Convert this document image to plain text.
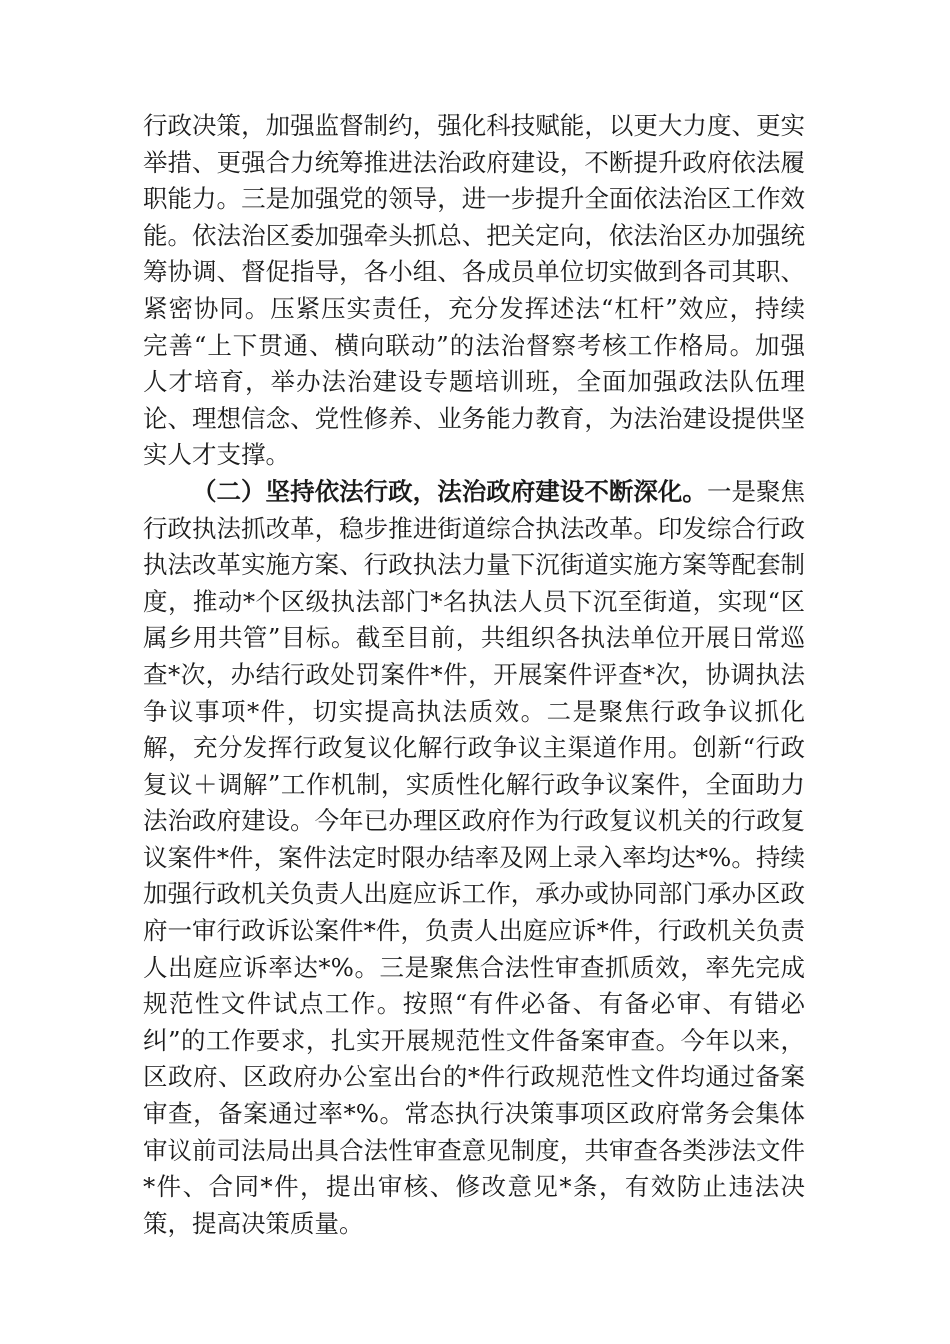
行政决策，加强监督制约，强化科技赋能，以更大力度、更实举措、更强合力统筹推进法治政府建设，不断提升政府依法履职能力。三是加强党的领导，进一步提升全面依法治区工作效能。依法治区委加强牵头抓总、把关定向，依法治区办加强统筹协调、督促指导，各小组、各成员单位切实做到各司其职、紧密协同。压紧压实责任，充分发挥述法“杠杆”效应，持续完善“上下贯通、横向联动”的法治督察考核工作格局。加强人才培育，举办法治建设专题培训班，全面加强政法队伍理论、理想信念、党性修养、业务能力教育，为法治建设提供坚实人才支撑。

（二）坚持依法行政，法治政府建设不断深化。一是聚焦行政执法抓改革，稳步推进街道综合执法改革。印发综合行政执法改革实施方案、行政执法力量下沉街道实施方案等配套制度，推动*个区级执法部门*名执法人员下沉至街道，实现“区属乡用共管”目标。截至目前，共组织各执法单位开展日常巡查*次，办结行政处罚案件*件，开展案件评查*次，协调执法争议事项*件，切实提高执法质效。二是聚焦行政争议抓化解，充分发挥行政复议化解行政争议主渠道作用。创新“行政复议＋调解”工作机制，实质性化解行政争议案件，全面助力法治政府建设。今年已办理区政府作为行政复议机关的行政复议案件*件，案件法定时限办结率及网上录入率均达*%。持续加强行政机关负责人出庭应诉工作，承办或协同部门承办区政府一审行政诉讼案件*件，负责人出庭应诉*件，行政机关负责人出庭应诉率达*%。三是聚焦合法性审查抓质效，率先完成规范性文件试点工作。按照“有件必备、有备必审、有错必纠”的工作要求，扎实开展规范性文件备案审查。今年以来，区政府、区政府办公室出台的*件行政规范性文件均通过备案审查，备案通过率*%。常态执行决策事项区政府常务会集体审议前司法局出具合法性审查意见制度，共审查各类涉法文件*件、合同*件，提出审核、修改意见*条，有效防止违法决策，提高决策质量。
